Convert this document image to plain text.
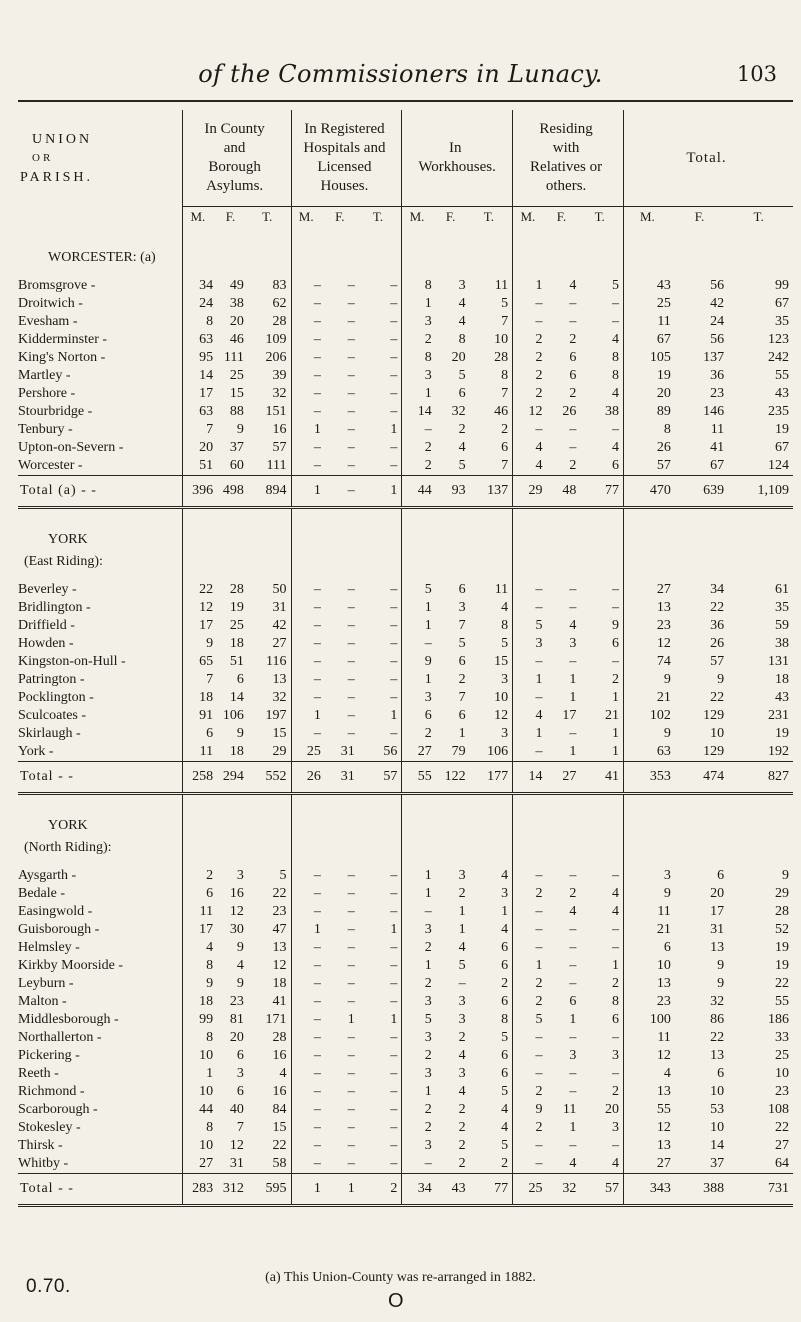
of the Commissioners in Lunacy.	103
UNION
OR
PARISH.	In County and Borough Asylums.			In Registered Hospitals and Licensed Houses.			In Workhouses.			Residing with Relatives or others.			Total.		

	M.	F.	T.	M.	F.	T.	M.	F.	T.	M.	F.	T.	M.	F.	T.

WORCESTER: (a)															

Bromsgrove -	34	49	83	–	–	–	8	3	11	1	4	5	43	56	99
Droitwich -	24	38	62	–	–	–	1	4	5	–	–	–	25	42	67
Evesham -	8	20	28	–	–	–	3	4	7	–	–	–	11	24	35
Kidderminster -	63	46	109	–	–	–	2	8	10	2	2	4	67	56	123
King's Norton -	95	111	206	–	–	–	8	20	28	2	6	8	105	137	242
Martley -	14	25	39	–	–	–	3	5	8	2	6	8	19	36	55
Pershore -	17	15	32	–	–	–	1	6	7	2	2	4	20	23	43
Stourbridge -	63	88	151	–	–	–	14	32	46	12	26	38	89	146	235
Tenbury -	7	9	16	1	–	1	–	2	2	–	–	–	8	11	19
Upton-on-Severn -	20	37	57	–	–	–	2	4	6	4	–	4	26	41	67
Worcester -	51	60	111	–	–	–	2	5	7	4	2	6	57	67	124
Total (a) - -	396	498	894	1	–	1	44	93	137	29	48	77	470	639	1,109

YORK															
(East Riding):															

Beverley -	22	28	50	–	–	–	5	6	11	–	–	–	27	34	61
Bridlington -	12	19	31	–	–	–	1	3	4	–	–	–	13	22	35
Driffield -	17	25	42	–	–	–	1	7	8	5	4	9	23	36	59
Howden -	9	18	27	–	–	–	–	5	5	3	3	6	12	26	38
Kingston-on-Hull -	65	51	116	–	–	–	9	6	15	–	–	–	74	57	131
Patrington -	7	6	13	–	–	–	1	2	3	1	1	2	9	9	18
Pocklington -	18	14	32	–	–	–	3	7	10	–	1	1	21	22	43
Sculcoates -	91	106	197	1	–	1	6	6	12	4	17	21	102	129	231
Skirlaugh -	6	9	15	–	–	–	2	1	3	1	–	1	9	10	19
York -	11	18	29	25	31	56	27	79	106	–	1	1	63	129	192
Total - -	258	294	552	26	31	57	55	122	177	14	27	41	353	474	827

YORK															
(North Riding):															

Aysgarth -	2	3	5	–	–	–	1	3	4	–	–	–	3	6	9
Bedale -	6	16	22	–	–	–	1	2	3	2	2	4	9	20	29
Easingwold -	11	12	23	–	–	–	–	1	1	–	4	4	11	17	28
Guisborough -	17	30	47	1	–	1	3	1	4	–	–	–	21	31	52
Helmsley -	4	9	13	–	–	–	2	4	6	–	–	–	6	13	19
Kirkby Moorside -	8	4	12	–	–	–	1	5	6	1	–	1	10	9	19
Leyburn -	9	9	18	–	–	–	2	–	2	2	–	2	13	9	22
Malton -	18	23	41	–	–	–	3	3	6	2	6	8	23	32	55
Middlesborough -	99	81	171	–	1	1	5	3	8	5	1	6	100	86	186
Northallerton -	8	20	28	–	–	–	3	2	5	–	–	–	11	22	33
Pickering -	10	6	16	–	–	–	2	4	6	–	3	3	12	13	25
Reeth -	1	3	4	–	–	–	3	3	6	–	–	–	4	6	10
Richmond -	10	6	16	–	–	–	1	4	5	2	–	2	13	10	23
Scarborough -	44	40	84	–	–	–	2	2	4	9	11	20	55	53	108
Stokesley -	8	7	15	–	–	–	2	2	4	2	1	3	12	10	22
Thirsk -	10	12	22	–	–	–	3	2	5	–	–	–	13	14	27
Whitby -	27	31	58	–	–	–	–	2	2	–	4	4	27	37	64
Total - -	283	312	595	1	1	2	34	43	77	25	32	57	343	388	731

(a) This Union-County was re-arranged in 1882.
0.70.
O
